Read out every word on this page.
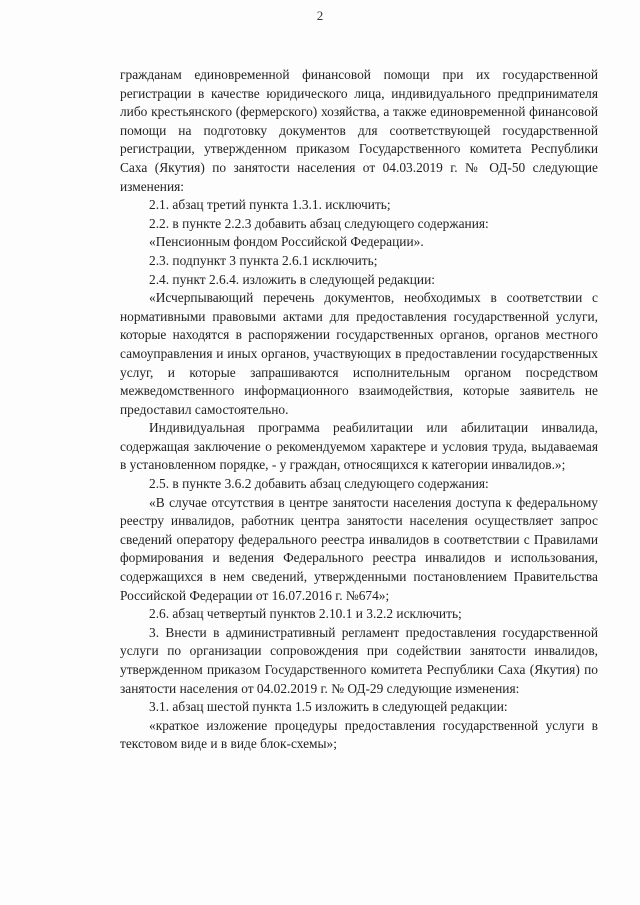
2

гражданам единовременной финансовой помощи при их государственной регистрации в качестве юридического лица, индивидуального предпринимателя либо крестьянского (фермерского) хозяйства, а также единовременной финансовой помощи на подготовку документов для соответствующей государственной регистрации, утвержденном приказом Государственного комитета Республики Саха (Якутия) по занятости населения от 04.03.2019 г. № ОД-50 следующие изменения:

2.1. абзац третий пункта 1.3.1. исключить;

2.2. в пункте 2.2.3 добавить абзац следующего содержания:

«Пенсионным фондом Российской Федерации».

2.3. подпункт 3 пункта 2.6.1 исключить;

2.4. пункт 2.6.4. изложить в следующей редакции:

«Исчерпывающий перечень документов, необходимых в соответствии с нормативными правовыми актами для предоставления государственной услуги, которые находятся в распоряжении государственных органов, органов местного самоуправления и иных органов, участвующих в предоставлении государственных услуг, и которые запрашиваются исполнительным органом посредством межведомственного информационного взаимодействия, которые заявитель не предоставил самостоятельно.

Индивидуальная программа реабилитации или абилитации инвалида, содержащая заключение о рекомендуемом характере и условия труда, выдаваемая в установленном порядке, - у граждан, относящихся к категории инвалидов.»;

2.5. в пункте 3.6.2 добавить абзац следующего содержания:

«В случае отсутствия в центре занятости населения доступа к федеральному реестру инвалидов, работник центра занятости населения осуществляет запрос сведений оператору федерального реестра инвалидов в соответствии с Правилами формирования и ведения Федерального реестра инвалидов и использования, содержащихся в нем сведений, утвержденными постановлением Правительства Российской Федерации от 16.07.2016 г. №674»;

2.6. абзац четвертый пунктов 2.10.1 и 3.2.2 исключить;

3. Внести в административный регламент предоставления государственной услуги по организации сопровождения при содействии занятости инвалидов, утвержденном приказом Государственного комитета Республики Саха (Якутия) по занятости населения от 04.02.2019 г. № ОД-29 следующие изменения:

3.1. абзац шестой пункта 1.5 изложить в следующей редакции:

«краткое изложение процедуры предоставления государственной услуги в текстовом виде и в виде блок-схемы»;
